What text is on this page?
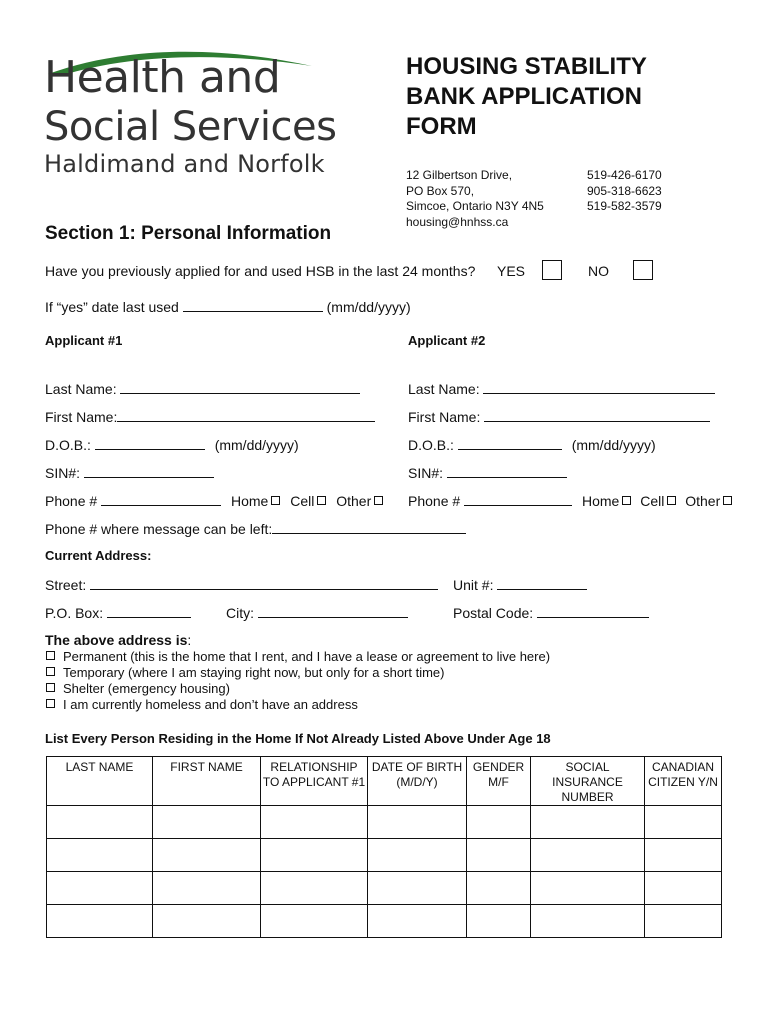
Health and
Social Services
Haldimand and Norfolk
HOUSING STABILITY
BANK APPLICATION
FORM
12 Gilbertson Drive,
PO Box 570,
Simcoe, Ontario N3Y 4N5
housing@hnhss.ca
519-426-6170
905-318-6623
519-582-3579
Section 1: Personal Information
Have you previously applied for and used HSB in the last 24 months? YES	NO
If “yes” date last used	(mm/dd/yyyy)
Applicant #1	Applicant #2
Last Name:
First Name:
D.O.B.:	(mm/dd/yyyy)
SIN#:
Phone #	Home Cell Other
Last Name:
First Name:
D.O.B.:	(mm/dd/yyyy)
SIN#:
Phone #	Home Cell Other
Phone # where message can be left:
Current Address:
Street:	Unit #:
P.O. Box:	City:	Postal Code:
The above address is:
Permanent (this is the home that I rent, and I have a lease or agreement to live here)
Temporary (where I am staying right now, but only for a short time)
Shelter (emergency housing)
I am currently homeless and don’t have an address
List Every Person Residing in the Home If Not Already Listed Above Under Age 18
LAST NAME	FIRST NAME	RELATIONSHIP TO APPLICANT #1	DATE OF BIRTH (M/D/Y)	GENDER M/F	SOCIAL INSURANCE NUMBER	CANADIAN CITIZEN Y/N
